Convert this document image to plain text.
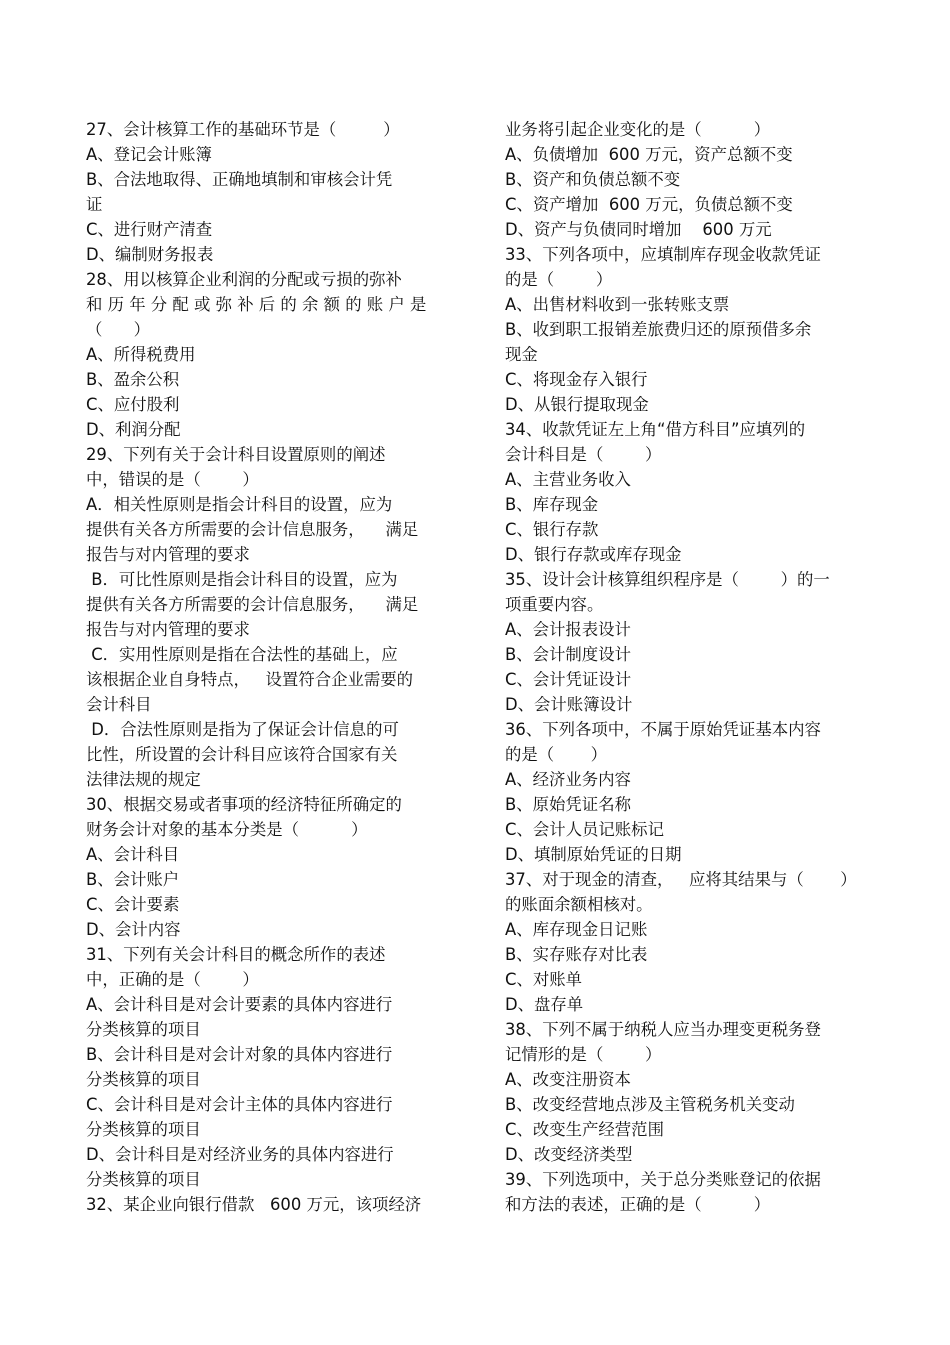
27、会计核算工作的基础环节是（         ）
A、登记会计账簿
B、合法地取得、正确地填制和审核会计凭
证
C、进行财产清查
D、编制财务报表
28、用以核算企业利润的分配或亏损的弥补
和 历 年 分 配 或 弥 补 后 的 余 额 的 账 户 是
（      ）
A、所得税费用
B、盈余公积
C、应付股利
D、利润分配
29、下列有关于会计科目设置原则的阐述
中，错误的是（        ）
A．相关性原则是指会计科目的设置，应为
提供有关各方所需要的会计信息服务，    满足
报告与对内管理的要求
B．可比性原则是指会计科目的设置，应为
提供有关各方所需要的会计信息服务，    满足
报告与对内管理的要求
C．实用性原则是指在合法性的基础上，应
该根据企业自身特点，   设置符合企业需要的
会计科目
D．合法性原则是指为了保证会计信息的可
比性，所设置的会计科目应该符合国家有关
法律法规的规定
30、根据交易或者事项的经济特征所确定的
财务会计对象的基本分类是（          ）
A、会计科目
B、会计账户
C、会计要素
D、会计内容
31、下列有关会计科目的概念所作的表述
中，正确的是（        ）
A、会计科目是对会计要素的具体内容进行
分类核算的项目
B、会计科目是对会计对象的具体内容进行
分类核算的项目
C、会计科目是对会计主体的具体内容进行
分类核算的项目
D、会计科目是对经济业务的具体内容进行
分类核算的项目
32、某企业向银行借款   600 万元，该项经济
业务将引起企业变化的是（          ）
A、负债增加  600 万元，资产总额不变
B、资产和负债总额不变
C、资产增加  600 万元，负债总额不变
D、资产与负债同时增加    600 万元
33、下列各项中，应填制库存现金收款凭证
的是（        ）
A、出售材料收到一张转账支票
B、收到职工报销差旅费归还的原预借多余
现金
C、将现金存入银行
D、从银行提取现金
34、收款凭证左上角“借方科目”应填列的
会计科目是（        ）
A、主营业务收入
B、库存现金
C、银行存款
D、银行存款或库存现金
35、设计会计核算组织程序是（        ）的一
项重要内容。
A、会计报表设计
B、会计制度设计
C、会计凭证设计
D、会计账簿设计
36、下列各项中，不属于原始凭证基本内容
的是（       ）
A、经济业务内容
B、原始凭证名称
C、会计人员记账标记
D、填制原始凭证的日期
37、对于现金的清查，   应将其结果与（       ）
的账面余额相核对。
A、库存现金日记账
B、实存账存对比表
C、对账单
D、盘存单
38、下列不属于纳税人应当办理变更税务登
记情形的是（        ）
A、改变注册资本
B、改变经营地点涉及主管税务机关变动
C、改变生产经营范围
D、改变经济类型
39、下列选项中，关于总分类账登记的依据
和方法的表述，正确的是（          ）
